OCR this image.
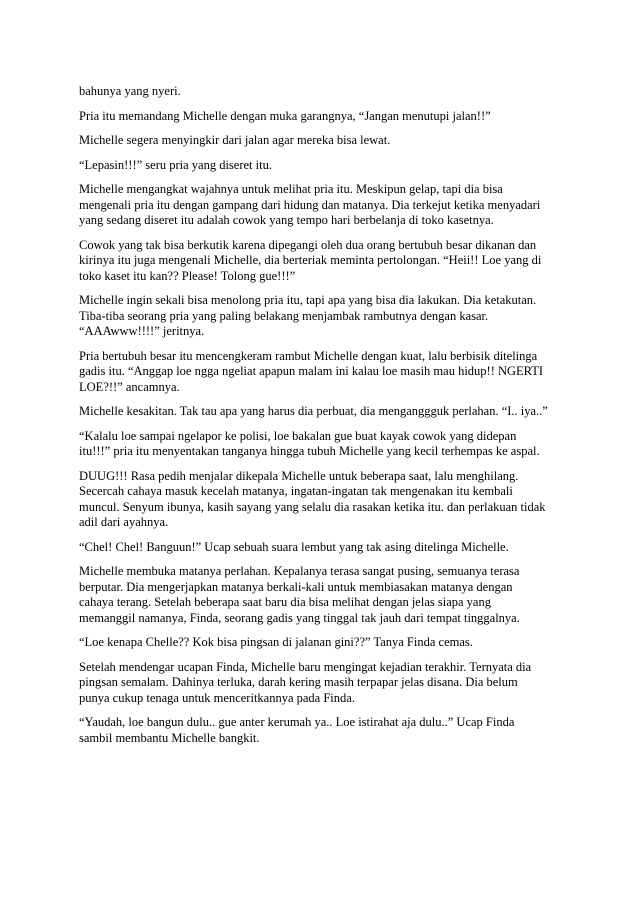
bahunya yang nyeri.

Pria itu memandang Michelle dengan muka garangnya, “Jangan menutupi jalan!!”

Michelle segera menyingkir dari jalan agar mereka bisa lewat.

“Lepasin!!!” seru pria yang diseret itu.

Michelle mengangkat wajahnya untuk melihat pria itu. Meskipun gelap, tapi dia bisa
mengenali pria itu dengan gampang dari hidung dan matanya. Dia terkejut ketika menyadari
yang sedang diseret itu adalah cowok yang tempo hari berbelanja di toko kasetnya.

Cowok yang tak bisa berkutik karena dipegangi oleh dua orang bertubuh besar dikanan dan
kirinya itu juga mengenali Michelle, dia berteriak meminta pertolongan. “Heii!! Loe yang di
toko kaset itu kan?? Please! Tolong gue!!!”

Michelle ingin sekali bisa menolong pria itu, tapi apa yang bisa dia lakukan. Dia ketakutan.
Tiba-tiba seorang pria yang paling belakang menjambak rambutnya dengan kasar.
“AAAwww!!!!” jeritnya.

Pria bertubuh besar itu mencengkeram rambut Michelle dengan kuat, lalu berbisik ditelinga
gadis itu. “Anggap loe ngga ngeliat apapun malam ini kalau loe masih mau hidup!! NGERTI
LOE?!!” ancamnya.

Michelle kesakitan. Tak tau apa yang harus dia perbuat, dia menganggguk perlahan. “I.. iya..”

“Kalalu loe sampai ngelapor ke polisi, loe bakalan gue buat kayak cowok yang didepan
itu!!!” pria itu menyentakan tanganya hingga tubuh Michelle yang kecil terhempas ke aspal.

DUUG!!! Rasa pedih menjalar dikepala Michelle untuk beberapa saat, lalu menghilang.
Secercah cahaya masuk kecelah matanya, ingatan-ingatan tak mengenakan itu kembali
muncul. Senyum ibunya, kasih sayang yang selalu dia rasakan ketika itu. dan perlakuan tidak
adil dari ayahnya.

“Chel! Chel! Banguun!” Ucap sebuah suara lembut yang tak asing ditelinga Michelle.

Michelle membuka matanya perlahan. Kepalanya terasa sangat pusing, semuanya terasa
berputar. Dia mengerjapkan matanya berkali-kali untuk membiasakan matanya dengan
cahaya terang. Setelah beberapa saat baru dia bisa melihat dengan jelas siapa yang
memanggil namanya, Finda, seorang gadis yang tinggal tak jauh dari tempat tinggalnya.

“Loe kenapa Chelle?? Kok bisa pingsan di jalanan gini??” Tanya Finda cemas.

Setelah mendengar ucapan Finda, Michelle baru mengingat kejadian terakhir. Ternyata dia
pingsan semalam. Dahinya terluka, darah kering masih terpapar jelas disana. Dia belum
punya cukup tenaga untuk menceritkannya pada Finda.

“Yaudah, loe bangun dulu.. gue anter kerumah ya.. Loe istirahat aja dulu..” Ucap Finda
sambil membantu Michelle bangkit.
